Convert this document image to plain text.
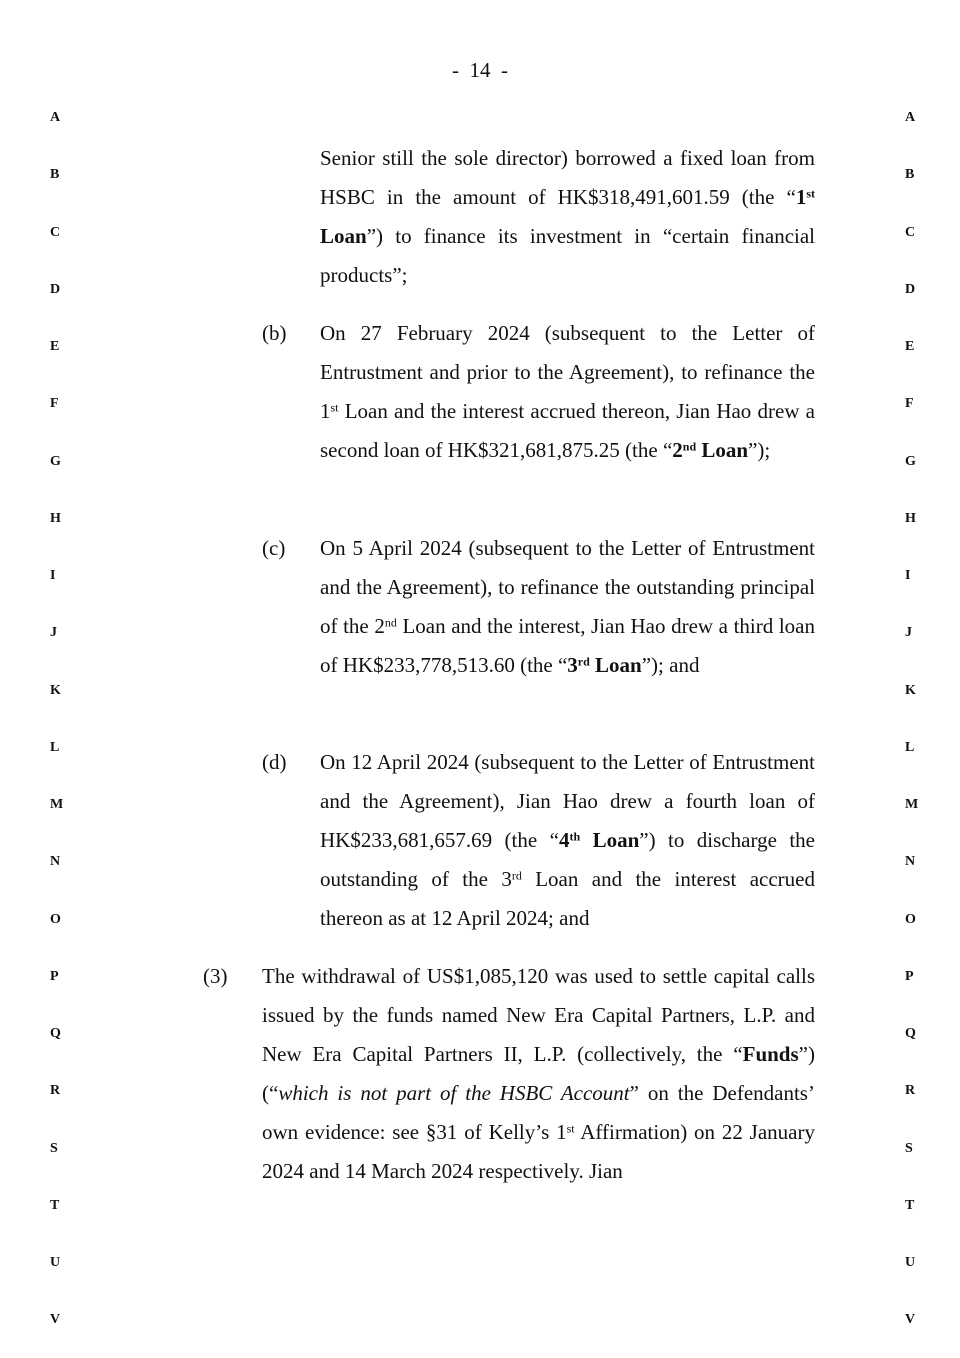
- 14 -
A	A
B	B
C	C
D	D
E	E
F	F
G	G
H	H
I	I
J	J
K	K
L	L
M	M
N	N
O	O
P	P
Q	Q
R	R
S	S
T	T
U	U
V	V

Senior still the sole director) borrowed a fixed loan from HSBC in the amount of HK$318,491,601.59 (the “1st Loan”) to finance its investment in “certain financial products”;

(b) On 27 February 2024 (subsequent to the Letter of Entrustment and prior to the Agreement), to refinance the 1st Loan and the interest accrued thereon, Jian Hao drew a second loan of HK$321,681,875.25 (the “2nd Loan”);

(c) On 5 April 2024 (subsequent to the Letter of Entrustment and the Agreement), to refinance the outstanding principal of the 2nd Loan and the interest, Jian Hao drew a third loan of HK$233,778,513.60 (the “3rd Loan”); and

(d) On 12 April 2024 (subsequent to the Letter of Entrustment and the Agreement), Jian Hao drew a fourth loan of HK$233,681,657.69 (the “4th Loan”) to discharge the outstanding of the 3rd Loan and the interest accrued thereon as at 12 April 2024; and

(3) The withdrawal of US$1,085,120 was used to settle capital calls issued by the funds named New Era Capital Partners, L.P. and New Era Capital Partners II, L.P. (collectively, the “Funds”) (“which is not part of the HSBC Account” on the Defendants’ own evidence: see §31 of Kelly’s 1st Affirmation) on 22 January 2024 and 14 March 2024 respectively. Jian
